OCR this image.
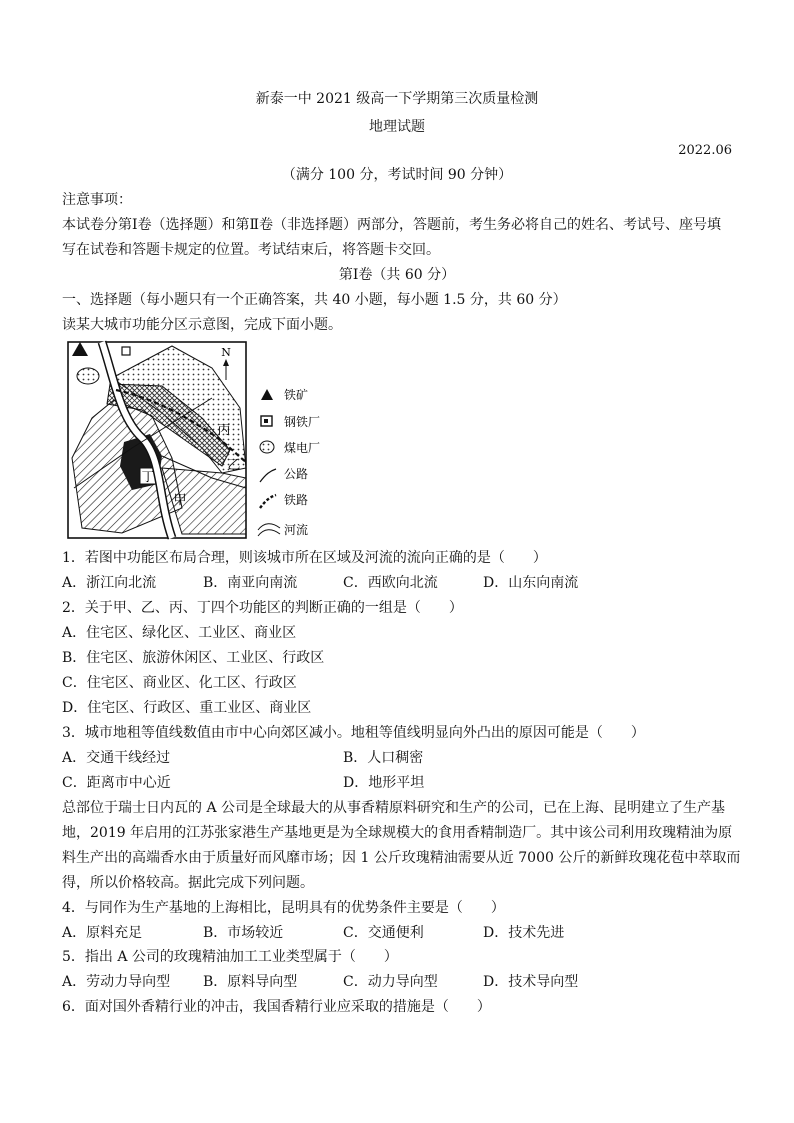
新泰一中 2021 级高一下学期第三次质量检测
地理试题
2022.06
（满分 100 分，考试时间 90 分钟）
注意事项：
本试卷分第Ⅰ卷（选择题）和第Ⅱ卷（非选择题）两部分，答题前，考生务必将自己的姓名、考试号、座号填
写在试卷和答题卡规定的位置。考试结束后，将答题卡交回。
第Ⅰ卷（共 60 分）
一、选择题（每小题只有一个正确答案，共 40 小题，每小题 1.5 分，共 60 分）
读某大城市功能分区示意图，完成下面小题。
N
丁
甲
乙
丙
铁矿
钢铁厂
煤电厂
公路
铁路
河流
1．若图中功能区布局合理，则该城市所在区域及河流的流向正确的是（　　）
A．浙江向北流	B．南亚向南流	C．西欧向北流	D．山东向南流
2．关于甲、乙、丙、丁四个功能区的判断正确的一组是（　　）
A．住宅区、绿化区、工业区、商业区
B．住宅区、旅游休闲区、工业区、行政区
C．住宅区、商业区、化工区、行政区
D．住宅区、行政区、重工业区、商业区
3．城市地租等值线数值由市中心向郊区减小。地租等值线明显向外凸出的原因可能是（　　）
A．交通干线经过	B．人口稠密
C．距离市中心近	D．地形平坦
总部位于瑞士日内瓦的 A 公司是全球最大的从事香精原料研究和生产的公司，已在上海、昆明建立了生产基
地，2019 年启用的江苏张家港生产基地更是为全球规模大的食用香精制造厂。其中该公司利用玫瑰精油为原
料生产出的高端香水由于质量好而风靡市场；因 1 公斤玫瑰精油需要从近 7000 公斤的新鲜玫瑰花苞中萃取而
得，所以价格较高。据此完成下列问题。
4．与同作为生产基地的上海相比，昆明具有的优势条件主要是（　　）
A．原料充足	B．市场较近	C．交通便利	D．技术先进
5．指出 A 公司的玫瑰精油加工工业类型属于（　　）
A．劳动力导向型 B．原料导向型	C．动力导向型	D．技术导向型
6．面对国外香精行业的冲击，我国香精行业应采取的措施是（　　）
